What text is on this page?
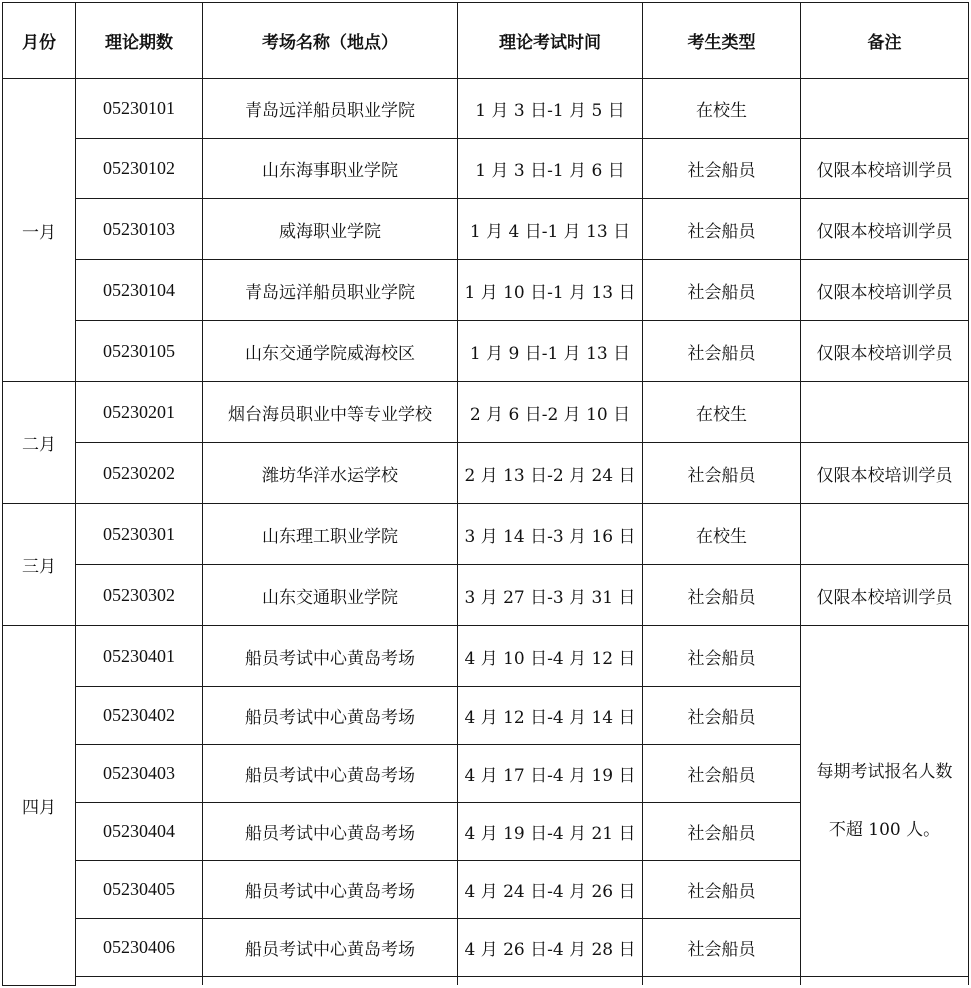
月份	理论期数	考场名称（地点）	理论考试时间	考生类型	备注
一月	05230101	青岛远洋船员职业学院	1 月 3 日-1 月 5 日	在校生	
	05230102	山东海事职业学院	1 月 3 日-1 月 6 日	社会船员	仅限本校培训学员
	05230103	威海职业学院	1 月 4 日-1 月 13 日	社会船员	仅限本校培训学员
	05230104	青岛远洋船员职业学院	1 月 10 日-1 月 13 日	社会船员	仅限本校培训学员
	05230105	山东交通学院威海校区	1 月 9 日-1 月 13 日	社会船员	仅限本校培训学员
二月	05230201	烟台海员职业中等专业学校	2 月 6 日-2 月 10 日	在校生	
	05230202	潍坊华洋水运学校	2 月 13 日-2 月 24 日	社会船员	仅限本校培训学员
三月	05230301	山东理工职业学院	3 月 14 日-3 月 16 日	在校生	
	05230302	山东交通职业学院	3 月 27 日-3 月 31 日	社会船员	仅限本校培训学员
四月	05230401	船员考试中心黄岛考场	4 月 10 日-4 月 12 日	社会船员	每期考试报名人数
不超 100 人。

	05230402	船员考试中心黄岛考场	4 月 12 日-4 月 14 日	社会船员	
	05230403	船员考试中心黄岛考场	4 月 17 日-4 月 19 日	社会船员	
	05230404	船员考试中心黄岛考场	4 月 19 日-4 月 21 日	社会船员	
	05230405	船员考试中心黄岛考场	4 月 24 日-4 月 26 日	社会船员	
	05230406	船员考试中心黄岛考场	4 月 26 日-4 月 28 日	社会船员	
